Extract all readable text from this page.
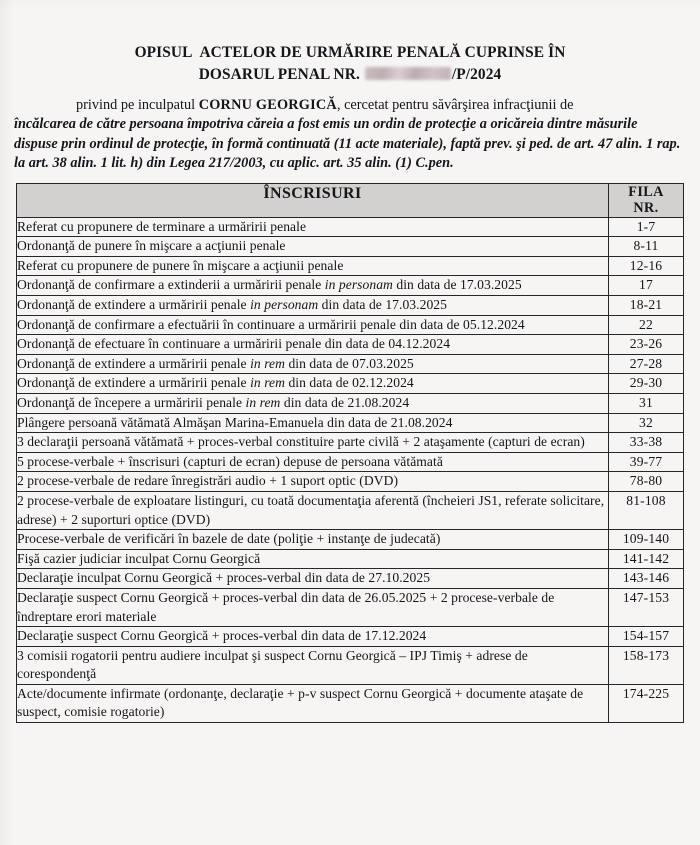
OPISUL ACTELOR DE URMĂRIRE PENALĂ CUPRINSE ÎN
DOSARUL PENAL NR.	/P/2024

privind pe inculpatul CORNU GEORGICĂ, cercetat pentru săvârşirea infracţiunii de
încălcarea de către persoana împotriva căreia a fost emis un ordin de protecţie a oricăreia dintre măsurile dispuse prin ordinul de protecţie, în formă continuată (11 acte materiale), faptă prev. şi ped. de art. 47 alin. 1 rap. la art. 38 alin. 1 lit. h) din Legea 217/2003, cu aplic. art. 35 alin. (1) C.pen.

ÎNSCRISURI	FILA
NR.

Referat cu propunere de terminare a urmăririi penale	1-7
Ordonanţă de punere în mişcare a acţiunii penale	8-11
Referat cu propunere de punere în mişcare a acţiunii penale	12-16
Ordonanţă de confirmare a extinderii a urmăririi penale in personam din data de 17.03.2025	17
Ordonanţă de extindere a urmăririi penale in personam din data de 17.03.2025	18-21
Ordonanţă de confirmare a efectuării în continuare a urmăririi penale din data de 05.12.2024	22
Ordonanţă de efectuare în continuare a urmăririi penale din data de 04.12.2024	23-26
Ordonanţă de extindere a urmăririi penale in rem din data de 07.03.2025	27-28
Ordonanţă de extindere a urmăririi penale in rem din data de 02.12.2024	29-30
Ordonanţă de începere a urmăririi penale in rem din data de 21.08.2024	31
Plângere persoană vătămată Almăşan Marina-Emanuela din data de 21.08.2024	32
3 declaraţii persoană vătămată + proces-verbal constituire parte civilă + 2 ataşamente (capturi de ecran)	33-38
5 procese-verbale + înscrisuri (capturi de ecran) depuse de persoana vătămată	39-77
2 procese-verbale de redare înregistrări audio + 1 suport optic (DVD)	78-80
2 procese-verbale de exploatare listinguri, cu toată documentaţia aferentă (încheieri JS1, referate solicitare, adrese) + 2 suporturi optice (DVD)	81-108
Procese-verbale de verificări în bazele de date (poliţie + instanţe de judecată)	109-140
Fişă cazier judiciar inculpat Cornu Georgică	141-142
Declaraţie inculpat Cornu Georgică + proces-verbal din data de 27.10.2025	143-146
Declaraţie suspect Cornu Georgică + proces-verbal din data de 26.05.2025 + 2 procese-verbale de îndreptare erori materiale	147-153
Declaraţie suspect Cornu Georgică + proces-verbal din data de 17.12.2024	154-157
3 comisii rogatorii pentru audiere inculpat şi suspect Cornu Georgică – IPJ Timiş + adrese de corespondenţă	158-173
Acte/documente infirmate (ordonanţe, declaraţie + p-v suspect Cornu Georgică + documente ataşate de suspect, comisie rogatorie)	174-225
